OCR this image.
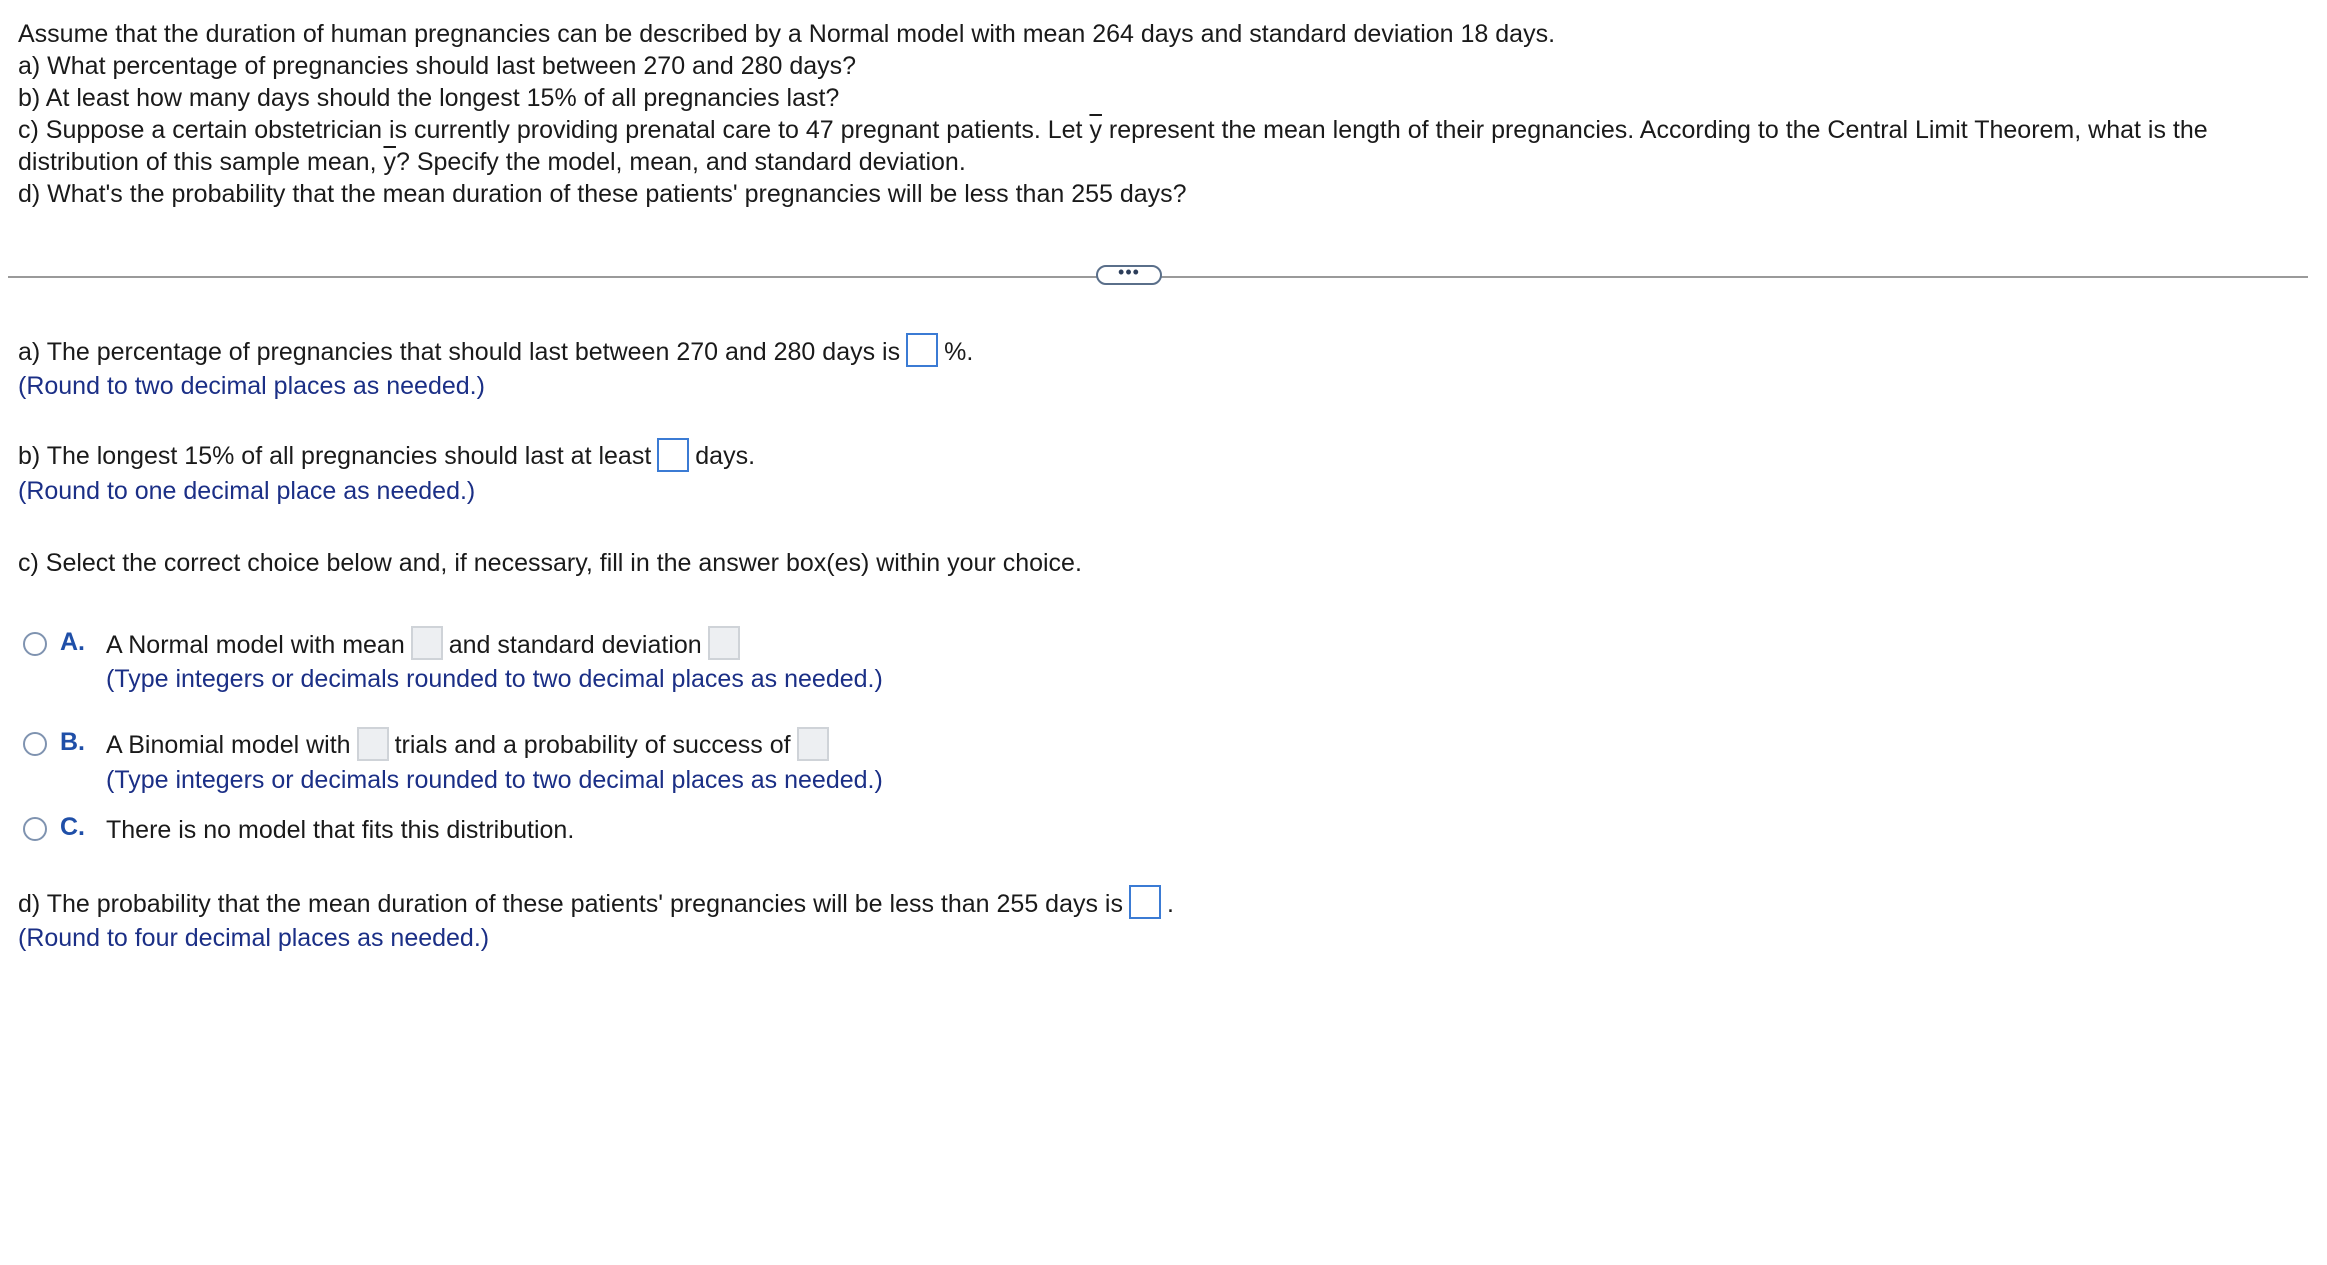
Assume that the duration of human pregnancies can be described by a Normal model with mean 264 days and standard deviation 18 days.

a) What percentage of pregnancies should last between 270 and 280 days?

b) At least how many days should the longest 15% of all pregnancies last?

c) Suppose a certain obstetrician is currently providing prenatal care to 47 pregnant patients. Let $\overline{y}$ represent the mean length of their pregnancies. According to the Central Limit Theorem, what is the distribution of this sample mean, $\overline{y}$? Specify the model, mean, and standard deviation.

d) What's the probability that the mean duration of these patients' pregnancies will be less than 255 days?

•••

a) The percentage of pregnancies that should last between 270 and 280 days is %.

(Round to two decimal places as needed.)

b) The longest 15% of all pregnancies should last at least days.

(Round to one decimal place as needed.)

c) Select the correct choice below and, if necessary, fill in the answer box(es) within your choice.

A. A Normal model with mean and standard deviation

(Type integers or decimals rounded to two decimal places as needed.)

B. A Binomial model with trials and a probability of success of

(Type integers or decimals rounded to two decimal places as needed.)

C. There is no model that fits this distribution.

d) The probability that the mean duration of these patients' pregnancies will be less than 255 days is .

(Round to four decimal places as needed.)
